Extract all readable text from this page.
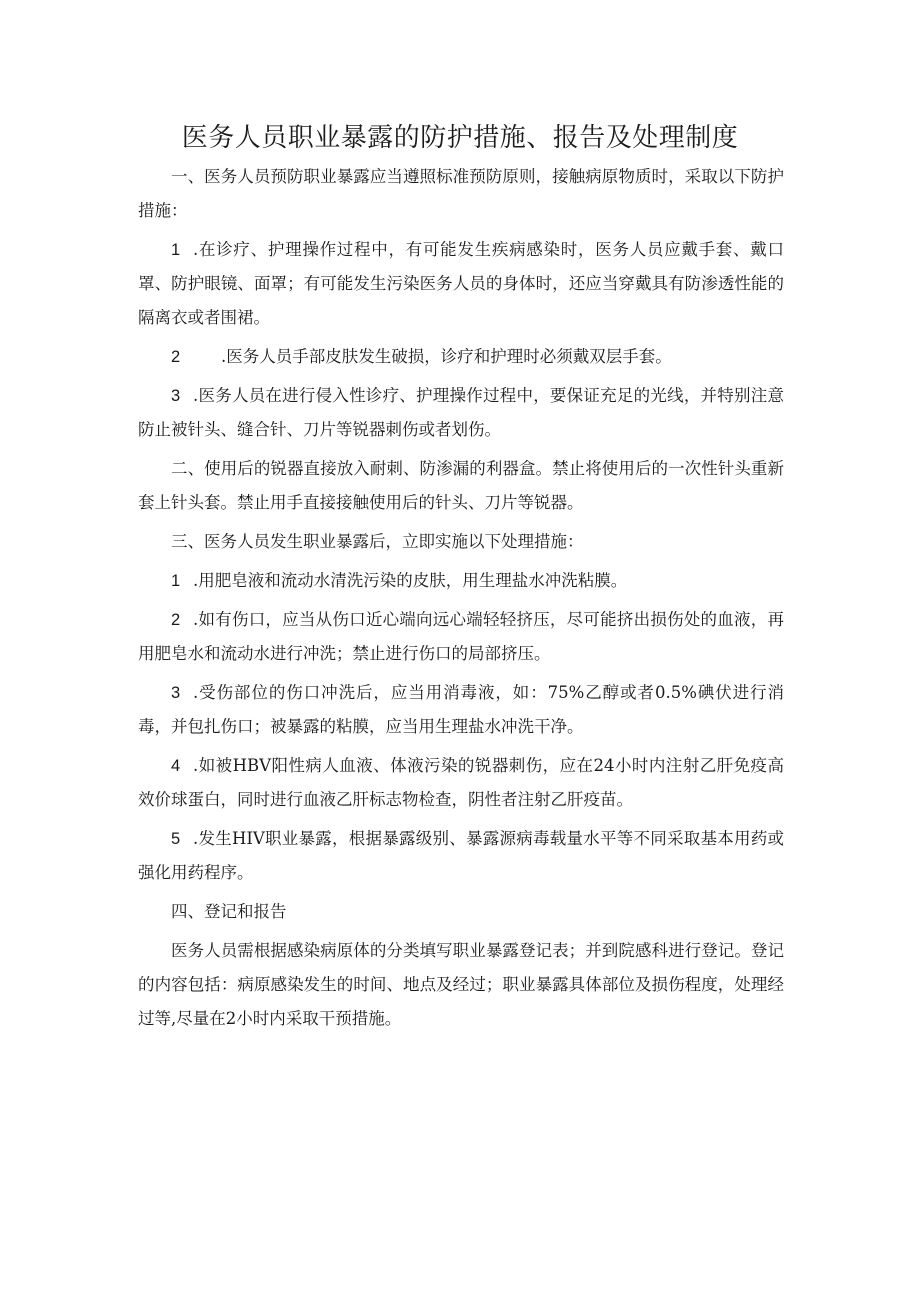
医务人员职业暴露的防护措施、报告及处理制度

一、医务人员预防职业暴露应当遵照标准预防原则，接触病原物质时，采取以下防护措施：

1 .在诊疗、护理操作过程中，有可能发生疾病感染时，医务人员应戴手套、戴口罩、防护眼镜、面罩；有可能发生污染医务人员的身体时，还应当穿戴具有防渗透性能的隔离衣或者围裙。

2 .医务人员手部皮肤发生破损，诊疗和护理时必须戴双层手套。

3 .医务人员在进行侵入性诊疗、护理操作过程中，要保证充足的光线，并特别注意防止被针头、缝合针、刀片等锐器刺伤或者划伤。

二、使用后的锐器直接放入耐刺、防渗漏的利器盒。禁止将使用后的一次性针头重新套上针头套。禁止用手直接接触使用后的针头、刀片等锐器。

三、医务人员发生职业暴露后，立即实施以下处理措施：

1 .用肥皂液和流动水清洗污染的皮肤，用生理盐水冲洗粘膜。

2 .如有伤口，应当从伤口近心端向远心端轻轻挤压，尽可能挤出损伤处的血液，再用肥皂水和流动水进行冲洗；禁止进行伤口的局部挤压。

3 .受伤部位的伤口冲洗后，应当用消毒液，如：75%乙醇或者0.5%碘伏进行消毒，并包扎伤口；被暴露的粘膜，应当用生理盐水冲洗干净。

4 .如被HBV阳性病人血液、体液污染的锐器刺伤，应在24小时内注射乙肝免疫高效价球蛋白，同时进行血液乙肝标志物检查，阴性者注射乙肝疫苗。

5 .发生HIV职业暴露，根据暴露级别、暴露源病毒载量水平等不同采取基本用药或强化用药程序。

四、登记和报告

医务人员需根据感染病原体的分类填写职业暴露登记表；并到院感科进行登记。登记的内容包括：病原感染发生的时间、地点及经过；职业暴露具体部位及损伤程度，处理经过等,尽量在2小时内采取干预措施。
